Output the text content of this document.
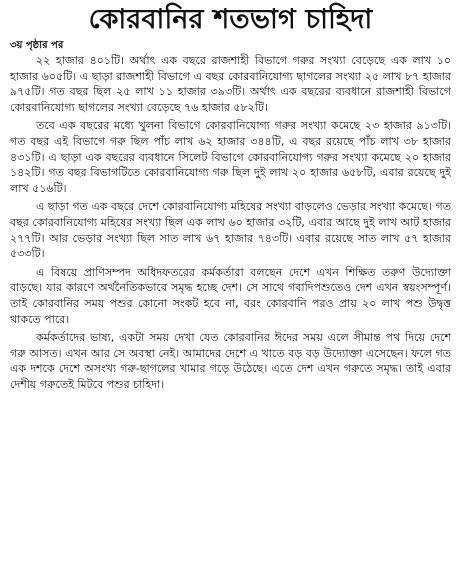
কোরবানির শতভাগ চাহিদা
৩য় পৃষ্ঠার পর

২২ হাজার ৪০১টি। অর্থাৎ এক বছরে রাজশাহী বিভাগে গরুর সংখ্যা বেড়েছে এক লাখ ১০ হাজার ৬০৫টি। এ ছাড়া রাজশাহী বিভাগে এ বছর কোরবানিযোগ্য ছাগলের সংখ্যা ২৫ লাখ ৮৭ হাজার ৯৭৫টি। গত বছর ছিল ২৫ লাখ ১১ হাজার ৩৯৩টি। অর্থাৎ এক বছরের ব্যবধানে রাজশাহী বিভাগে কোরবানিযোগ্য ছাগলের সংখ্যা বেড়েছে ৭৬ হাজার ৫৮২টি।

তবে এক বছরের মধ্যে খুলনা বিভাগে কোরবানিযোগ্য গরুর সংখ্যা কমেছে ২৩ হাজার ৯১৩টি। গত বছর এই বিভাগে গরু ছিল পাঁচ লাখ ৬২ হাজার ৩৪৪টি, এ বছর রয়েছে পাঁচ লাখ ৩৮ হাজার ৪৩১টি। এ ছাড়া এক বছরের ব্যবধানে সিলেট বিভাগে কোরবানিযোগ্য গরুর সংখ্যা কমেছে ২০ হাজার ১৪২টি। গত বছর বিভাগটিতে কোরবানিযোগ্য গরু ছিল দুই লাখ ২০ হাজার ৬৫৮টি, এবার রয়েছে দুই লাখ ৫১৬টি।

এ ছাড়া গত এক বছরে দেশে কোরবানিযোগ্য মহিষের সংখ্যা বাড়লেও ভেড়ার সংখ্যা কমেছে। গত বছর কোরবানিযোগ্য মহিষের সংখ্যা ছিল এক লাখ ৬০ হাজার ৩২টি, এবার আছে দুই লাখ আট হাজার ২৭৭টি। আর ভেড়ার সংখ্যা ছিল সাত লাখ ৬৭ হাজার ৭৪৩টি। এবার রয়েছে সাত লাখ ৫৭ হাজার ৫৩৩টি।

এ বিষয়ে প্রাণিসম্পদ অধিদফতরের কর্মকর্তারা বলছেন দেশে এখন শিক্ষিত তরুণ উদ্যোক্তা বাড়ছে। যার কারণে অর্থনৈতিকভাবে সমৃদ্ধ হচ্ছে দেশ। সে সাথে গবাদিপশুতেও দেশ এখন স্বয়ংসম্পূর্ণ। তাই কোরবানির সময় পশুর কোনো সংকট হবে না, বরং কোরবানি পরও প্রায় ২০ লাখ পশু উদ্বৃত্ত থাকতে পারে।

কর্মকর্তাদের ভাষ্য, একটা সময় দেখা যেত কোরবানির ঈদের সময় এলে সীমান্ত পথ দিয়ে দেশে গরু আসত। এখন আর সে অবস্থা নেই। আমাদের দেশে এ খাতে বড় বড় উদ্যোক্তা এসেছেন। ফলে গত এক দশকে দেশে অসংখ্য গরু-ছাগলের খামার গড়ে উঠেছে। এতে দেশ এখন গরুতে সমৃদ্ধ। তাই এবার দেশীয় গরুতেই মিটবে পশুর চাহিদা।
